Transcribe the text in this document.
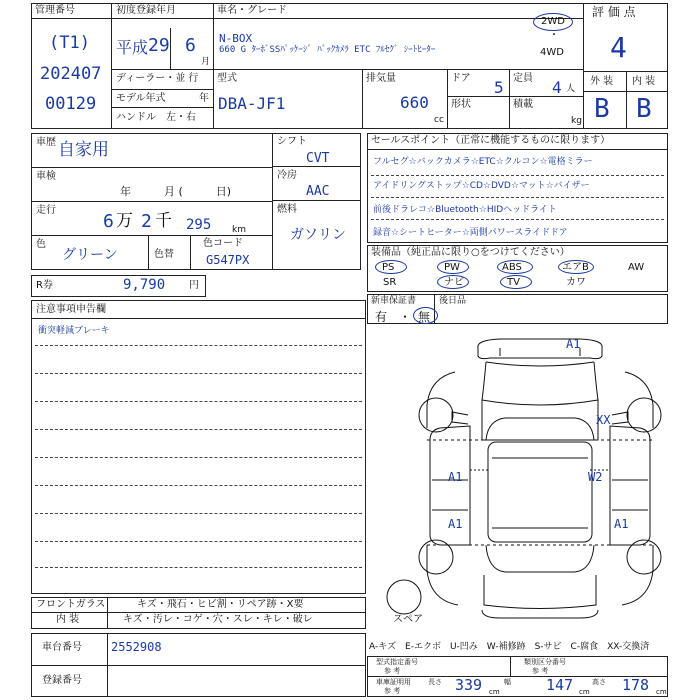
管理番号
(T1)
202407
00129
初度登録年月
平成 29 6
月
ディーラー・並 行
モデル年式	年
ハンドル　左・右
車名・グレード
N-BOX
660 G ﾀｰﾎﾞSSﾊﾟｯｹｰｼﾞ ﾊﾞｯｸｶﾒﾗ ETC ﾌﾙｾｸﾞ ｼｰﾄﾋｰﾀｰ
2WD
・
4WD
型式
DBA-JF1
排気量
660
cc
ドア 5 定員 4 人
形状	積載
kg
評 価 点
4
外 装 内 装
B B
車歴 自家用
車検
年　　　月 (　　　日)
走行
6 万 2 千 295 km
色
グリーン	色替
色コード
G547PX
シフト
CVT
冷房
AAC
燃料
ガソリン
R券	9,790 円
セールスポイント（正常に機能するものに限ります）
フルセグ☆バックカメラ☆ETC☆クルコン☆電格ミラー
アイドリングストップ☆CD☆DVD☆マット☆バイザー
前後ドラレコ☆Bluetooth☆HIDヘッドライト
録音☆シートヒーター☆両側パワースライドドア
装備品（純正品に限り○をつけてください）
PS	PW	ABS	エアB	AW
SR	ナビ	TV	カワ
新車保証書
有 ・ 無
後日品
注意事項申告欄
衝突軽減ブレーキ
A1
XX
A1	W2
A1	A1
スペア
フロントガラス	キズ・飛石・ヒビ割・リペア跡・X要
内 装	キズ・汚レ・コゲ・穴・スレ・キレ・破レ
車台番号 2552908
登録番号
A-キズ　E-エクボ　U-凹み　W-補修跡　S-サビ　C-腐食　XX-交換済
型式指定番号
参 考
類別区分番号
参 考
車庫証明用
参 考
長さ 339 cm
幅 147 cm
高さ 178 cm
